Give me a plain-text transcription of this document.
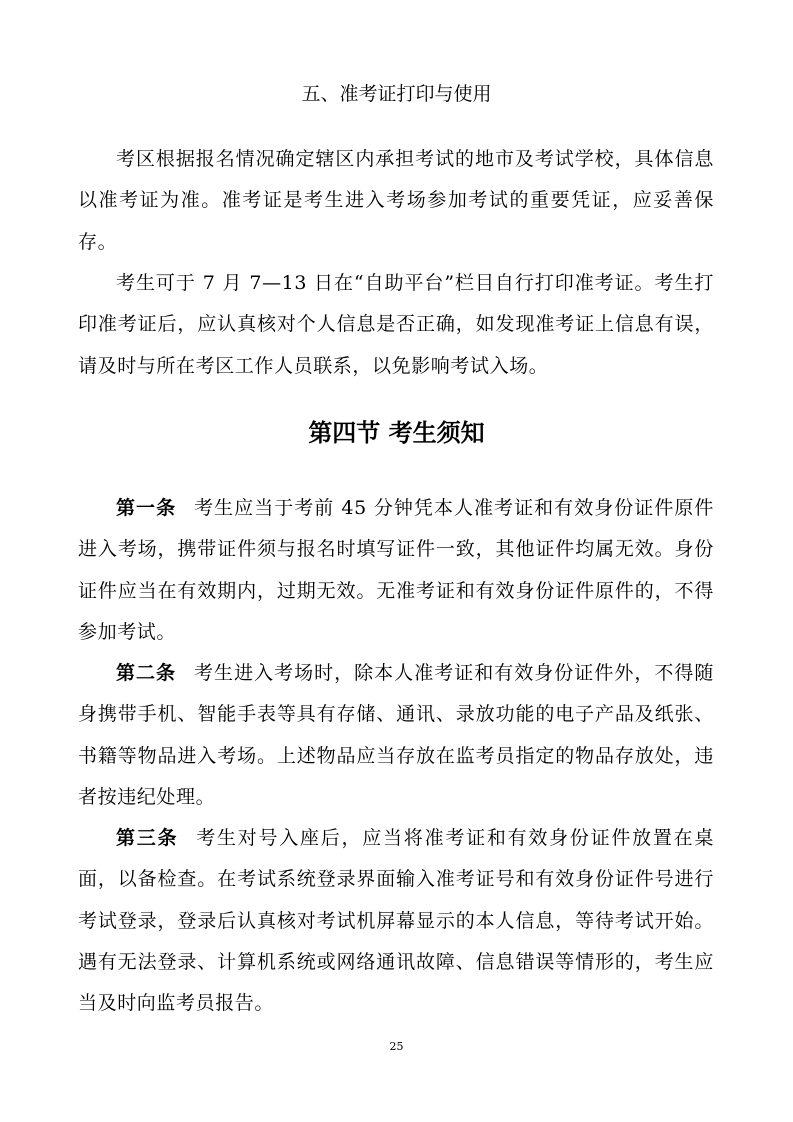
五、准考证打印与使用

考区根据报名情况确定辖区内承担考试的地市及考试学校，具体信息以准考证为准。准考证是考生进入考场参加考试的重要凭证，应妥善保存。

考生可于 7 月 7—13 日在“自助平台”栏目自行打印准考证。考生打印准考证后，应认真核对个人信息是否正确，如发现准考证上信息有误，请及时与所在考区工作人员联系，以免影响考试入场。

第四节 考生须知

第一条 考生应当于考前 45 分钟凭本人准考证和有效身份证件原件进入考场，携带证件须与报名时填写证件一致，其他证件均属无效。身份证件应当在有效期内，过期无效。无准考证和有效身份证件原件的，不得参加考试。

第二条 考生进入考场时，除本人准考证和有效身份证件外，不得随身携带手机、智能手表等具有存储、通讯、录放功能的电子产品及纸张、书籍等物品进入考场。上述物品应当存放在监考员指定的物品存放处，违者按违纪处理。

第三条 考生对号入座后，应当将准考证和有效身份证件放置在桌面，以备检查。在考试系统登录界面输入准考证号和有效身份证件号进行考试登录，登录后认真核对考试机屏幕显示的本人信息，等待考试开始。遇有无法登录、计算机系统或网络通讯故障、信息错误等情形的，考生应当及时向监考员报告。

25
